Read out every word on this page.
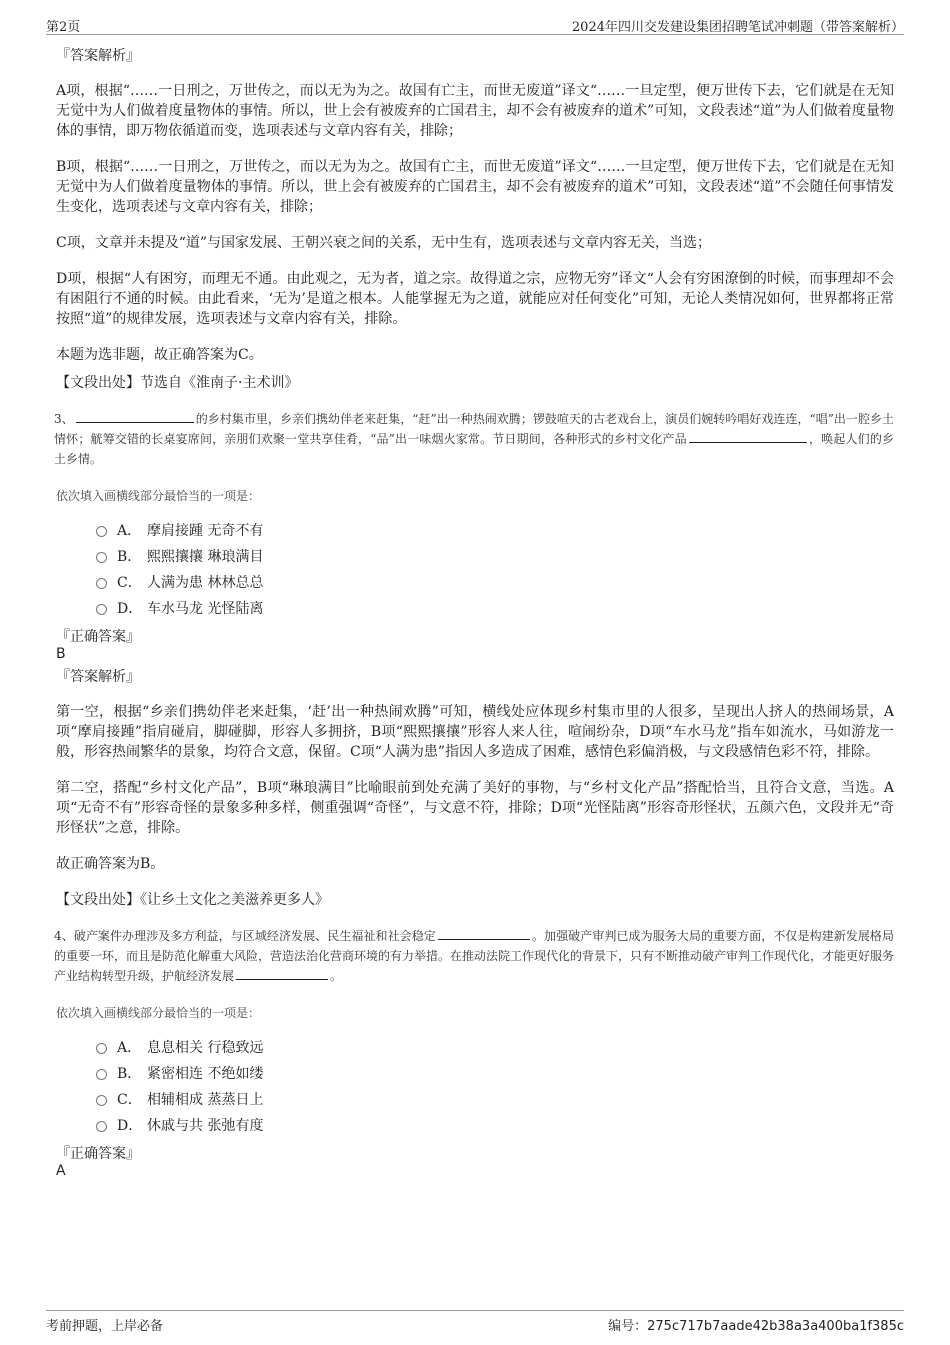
第2页	2024年四川交发建设集团招聘笔试冲刺题（带答案解析）
『答案解析』

A项，根据“……一日刑之，万世传之，而以无为为之。故国有亡主，而世无废道”译文“……一旦定型，便万世传下去，它们就是在无知无觉中为人们做着度量物体的事情。所以，世上会有被废弃的亡国君主，却不会有被废弃的道术”可知，文段表述“道”为人们做着度量物体的事情，即万物依循道而变，选项表述与文章内容有关，排除；

B项，根据“……一日刑之，万世传之，而以无为为之。故国有亡主，而世无废道”译文“……一旦定型，便万世传下去，它们就是在无知无觉中为人们做着度量物体的事情。所以，世上会有被废弃的亡国君主，却不会有被废弃的道术”可知，文段表述“道”不会随任何事情发生变化，选项表述与文章内容有关，排除；

C项，文章并未提及“道”与国家发展、王朝兴衰之间的关系，无中生有，选项表述与文章内容无关，当选；

D项，根据“人有困穷，而理无不通。由此观之，无为者，道之宗。故得道之宗，应物无穷”译文“人会有穷困潦倒的时候，而事理却不会有困阻行不通的时候。由此看来，‘无为’是道之根本。人能掌握无为之道，就能应对任何变化”可知，无论人类情况如何，世界都将正常按照“道”的规律发展，选项表述与文章内容有关，排除。

本题为选非题，故正确答案为C。

【文段出处】节选自《淮南子·主术训》

3、	的乡村集市里，乡亲们携幼伴老来赶集，“赶”出一种热闹欢腾；锣鼓喧天的古老戏台上，演员们婉转吟唱好戏连连，“唱”出一腔乡土情怀；觥筹交错的长桌宴席间，亲朋们欢聚一堂共享佳肴，“品”出一味烟火家常。节日期间，各种形式的乡村文化产品	，唤起人们的乡土乡情。
依次填入画横线部分最恰当的一项是：
A． 摩肩接踵 无奇不有
B． 熙熙攘攘 琳琅满目
C． 人满为患 林林总总
D． 车水马龙 光怪陆离
『正确答案』
B
『答案解析』

第一空，根据“乡亲们携幼伴老来赶集，‘赶’出一种热闹欢腾”可知，横线处应体现乡村集市里的人很多，呈现出人挤人的热闹场景，A项“摩肩接踵”指肩碰肩，脚碰脚，形容人多拥挤，B项“熙熙攘攘”形容人来人往，喧闹纷杂，D项“车水马龙”指车如流水，马如游龙一般，形容热闹繁华的景象，均符合文意，保留。C项“人满为患”指因人多造成了困难，感情色彩偏消极，与文段感情色彩不符，排除。

第二空，搭配“乡村文化产品”，B项“琳琅满目”比喻眼前到处充满了美好的事物，与“乡村文化产品”搭配恰当，且符合文意，当选。A项“无奇不有”形容奇怪的景象多种多样，侧重强调“奇怪”，与文意不符，排除；D项“光怪陆离”形容奇形怪状，五颜六色，文段并无“奇形怪状”之意，排除。

故正确答案为B。

【文段出处】《让乡土文化之美滋养更多人》

4、破产案件办理涉及多方利益，与区域经济发展、民生福祉和社会稳定	。加强破产审判已成为服务大局的重要方面，不仅是构建新发展格局的重要一环，而且是防范化解重大风险，营造法治化营商环境的有力举措。在推动法院工作现代化的背景下，只有不断推动破产审判工作现代化，才能更好服务产业结构转型升级，护航经济发展	。
依次填入画横线部分最恰当的一项是：
A． 息息相关 行稳致远
B． 紧密相连 不绝如缕
C． 相辅相成 蒸蒸日上
D． 休戚与共 张弛有度
『正确答案』
A
考前押题，上岸必备	编号：275c717b7aade42b38a3a400ba1f385c
